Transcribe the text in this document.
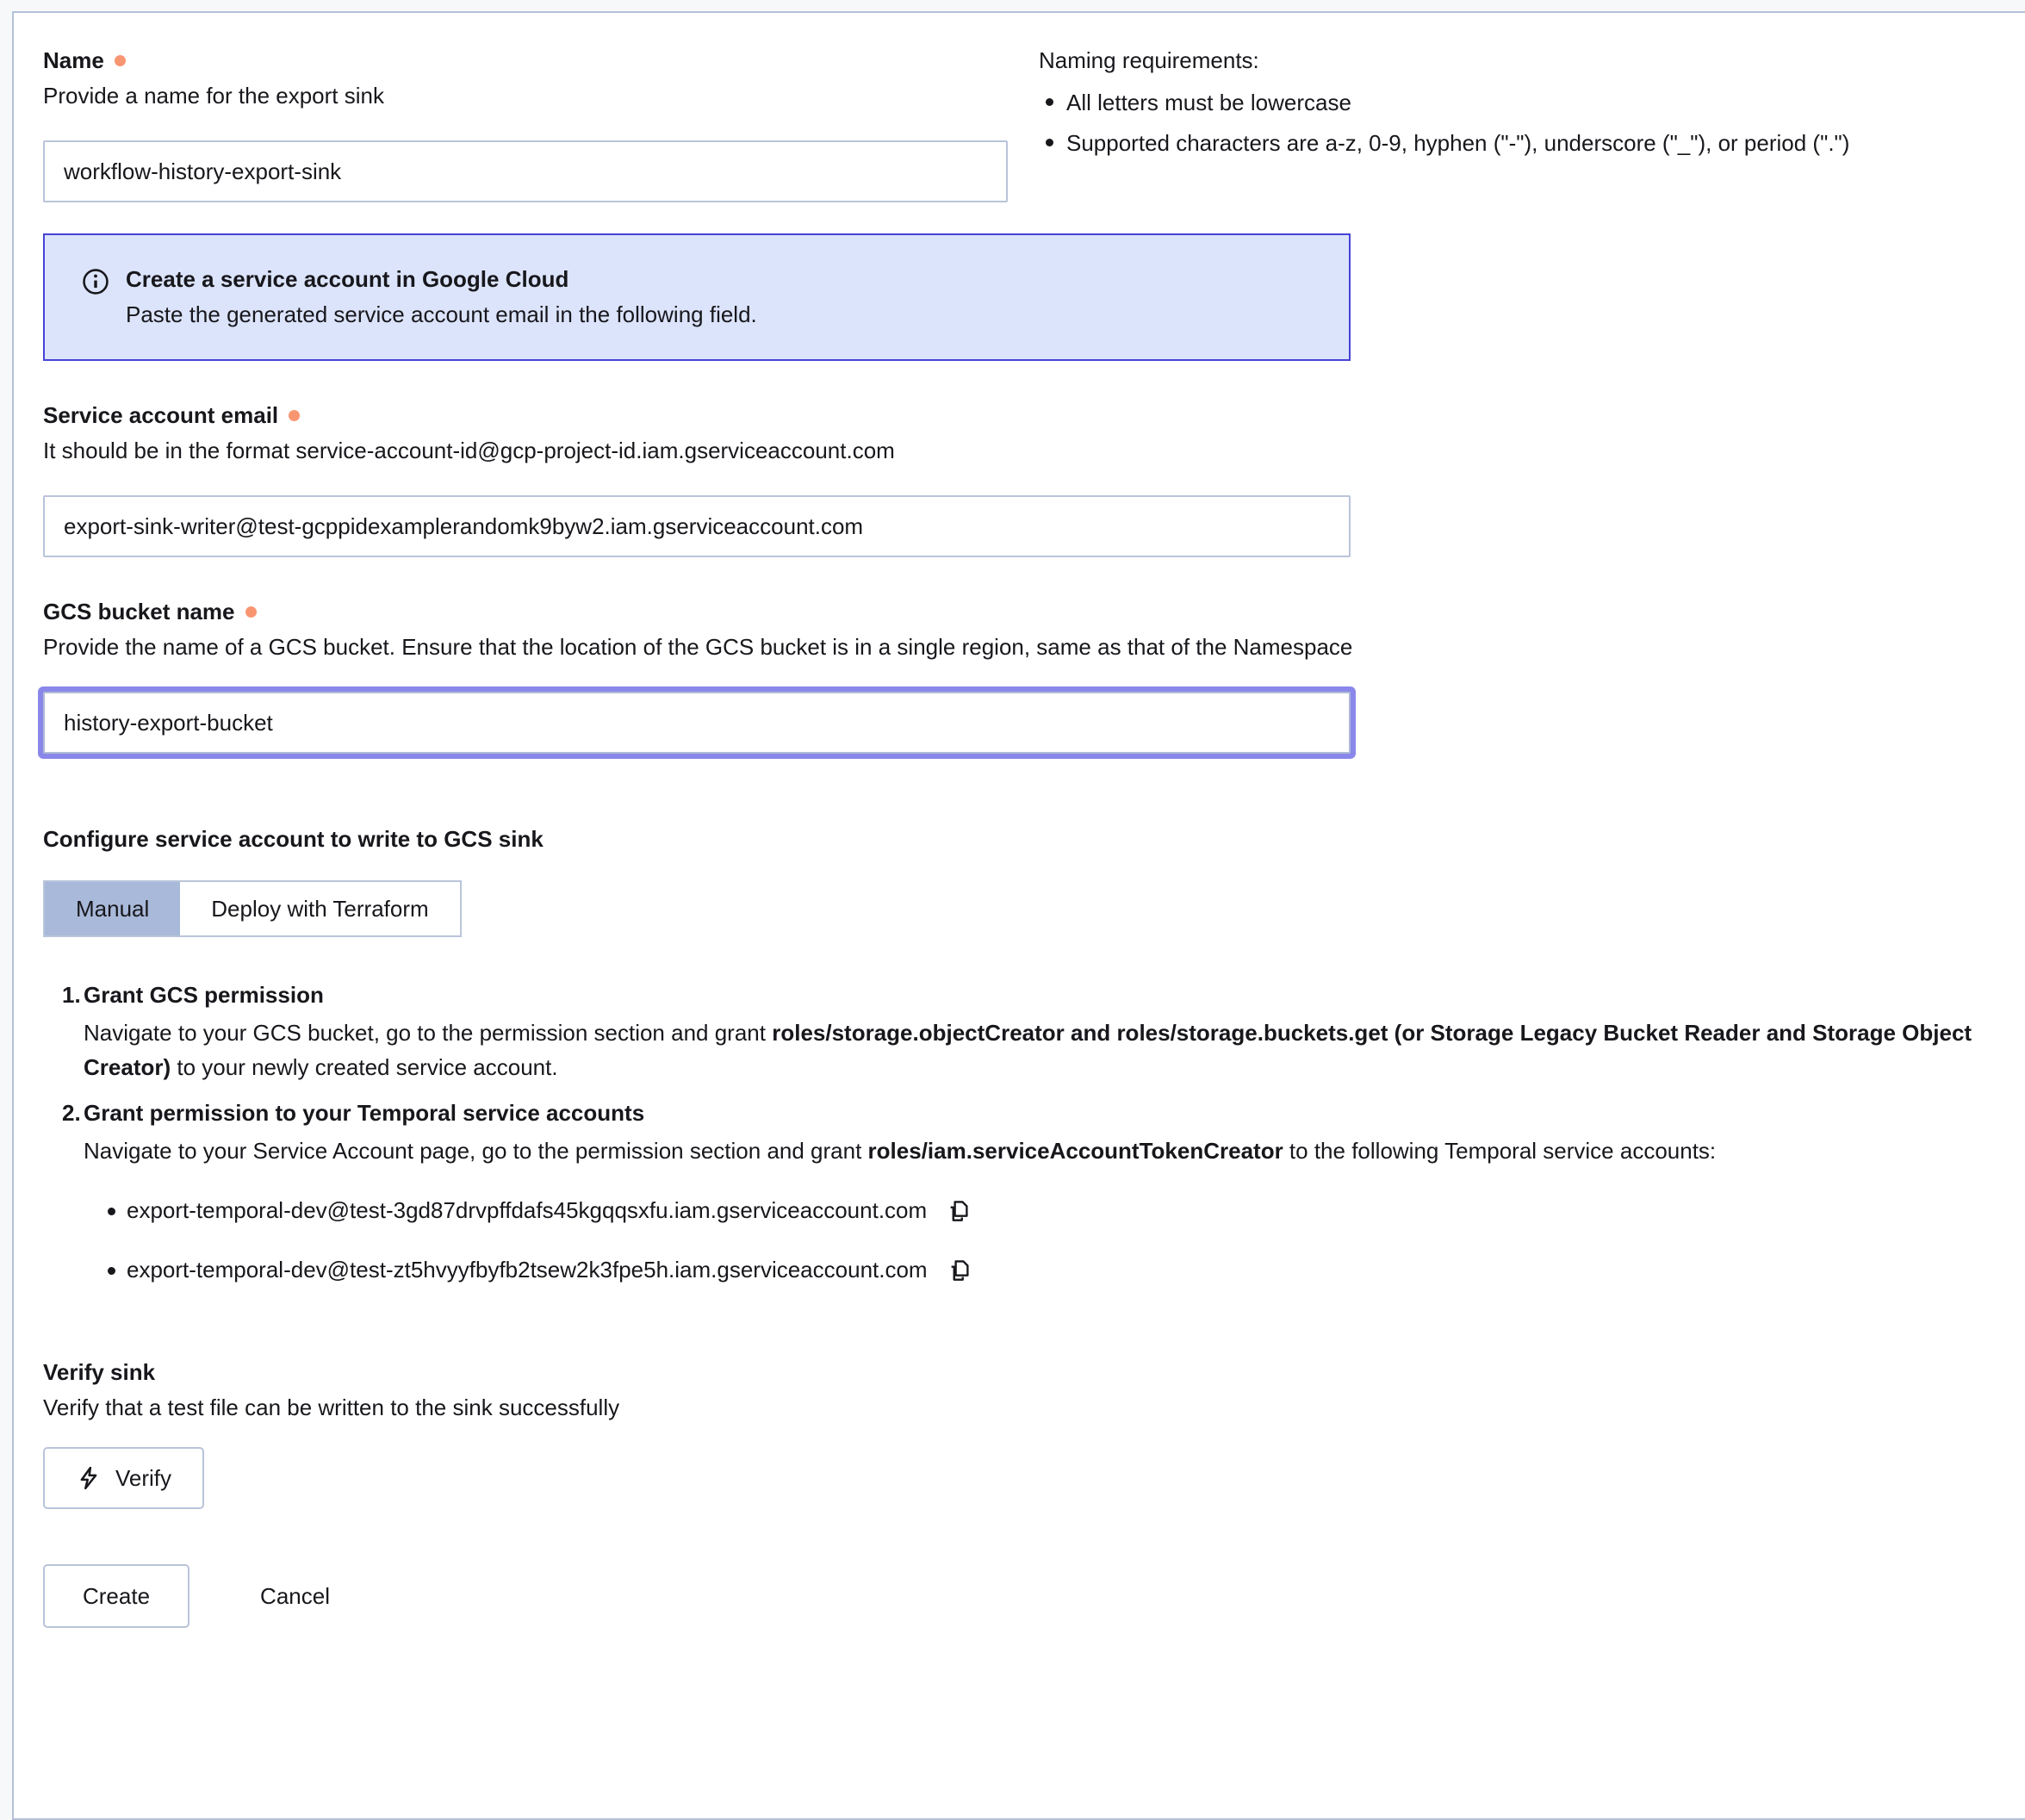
Name
Provide a name for the export sink
workflow-history-export-sink
Naming requirements:
All letters must be lowercase
Supported characters are a-z, 0-9, hyphen ("-"), underscore ("_"), or period (".")
Create a service account in Google Cloud
Paste the generated service account email in the following field.
Service account email
It should be in the format service-account-id@gcp-project-id.iam.gserviceaccount.com
export-sink-writer@test-gcppidexamplerandomk9byw2.iam.gserviceaccount.com
GCS bucket name
Provide the name of a GCS bucket. Ensure that the location of the GCS bucket is in a single region, same as that of the Namespace
history-export-bucket
Configure service account to write to GCS sink
Manual	Deploy with Terraform
1. Grant GCS permission
Navigate to your GCS bucket, go to the permission section and grant roles/storage.objectCreator and roles/storage.buckets.get (or Storage Legacy Bucket Reader and Storage Object Creator) to your newly created service account.
2. Grant permission to your Temporal service accounts
Navigate to your Service Account page, go to the permission section and grant roles/iam.serviceAccountTokenCreator to the following Temporal service accounts:
export-temporal-dev@test-3gd87drvpffdafs45kgqqsxfu.iam.gserviceaccount.com
export-temporal-dev@test-zt5hvyyfbyfb2tsew2k3fpe5h.iam.gserviceaccount.com
Verify sink
Verify that a test file can be written to the sink successfully
Verify
Create	Cancel
